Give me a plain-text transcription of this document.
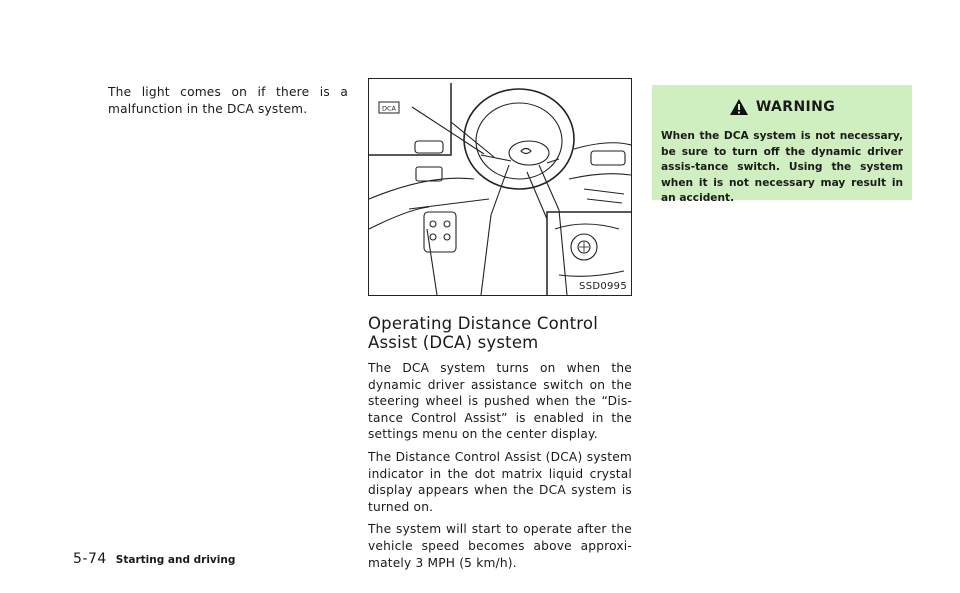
The light comes on if there is a malfunction in the DCA system.	DCA
SSD0995
Operating Distance Control Assist (DCA) system

The DCA system turns on when the dynamic driver assistance switch on the steering wheel is pushed when the “Dis-tance Control Assist” is enabled in the settings menu on the center display.

The Distance Control Assist (DCA) system indicator in the dot matrix liquid crystal display appears when the DCA system is turned on.

The system will start to operate after the vehicle speed becomes above approxi-mately 3 MPH (5 km/h).

WARNING

When the DCA system is not necessary, be sure to turn off the dynamic driver assis-tance switch. Using the system when it is not necessary may result in an accident.

5-74 Starting and driving
